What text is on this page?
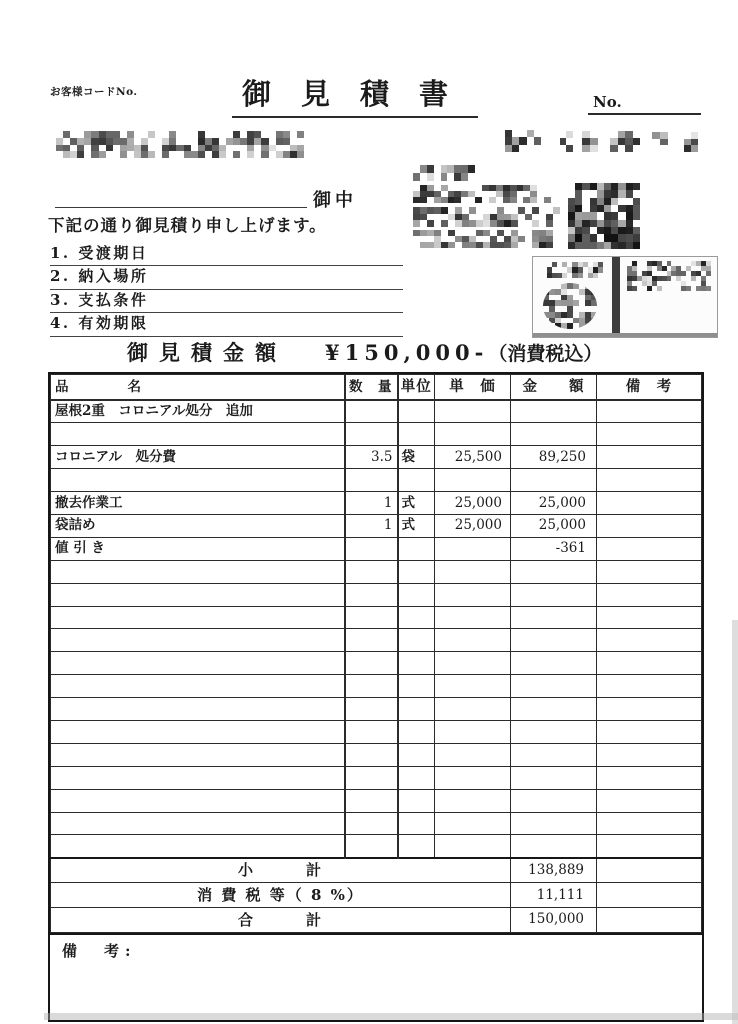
お客様コードNo.	御見積書	No.
御中
下記の通り御見積り申し上げます。
1. 受渡期日
2. 納入場所
3. 支払条件
4. 有効期限
御見積金額 ¥150,000- （消費税込）
品　　　　名	数　量	単位	単　価	金　　額	備　考
屋根2重　コロニアル処分　追加					

コロニアル　処分費	3.5	袋	25,500	89,250	

撤去作業工	1	式	25,000	25,000	
袋詰め	1	式	25,000	25,000	
値 引 き				-361	

小　　　計				138,889	
消 費 税 等（ 8 %）				11,111	
合　　　計				150,000	
備　考:
